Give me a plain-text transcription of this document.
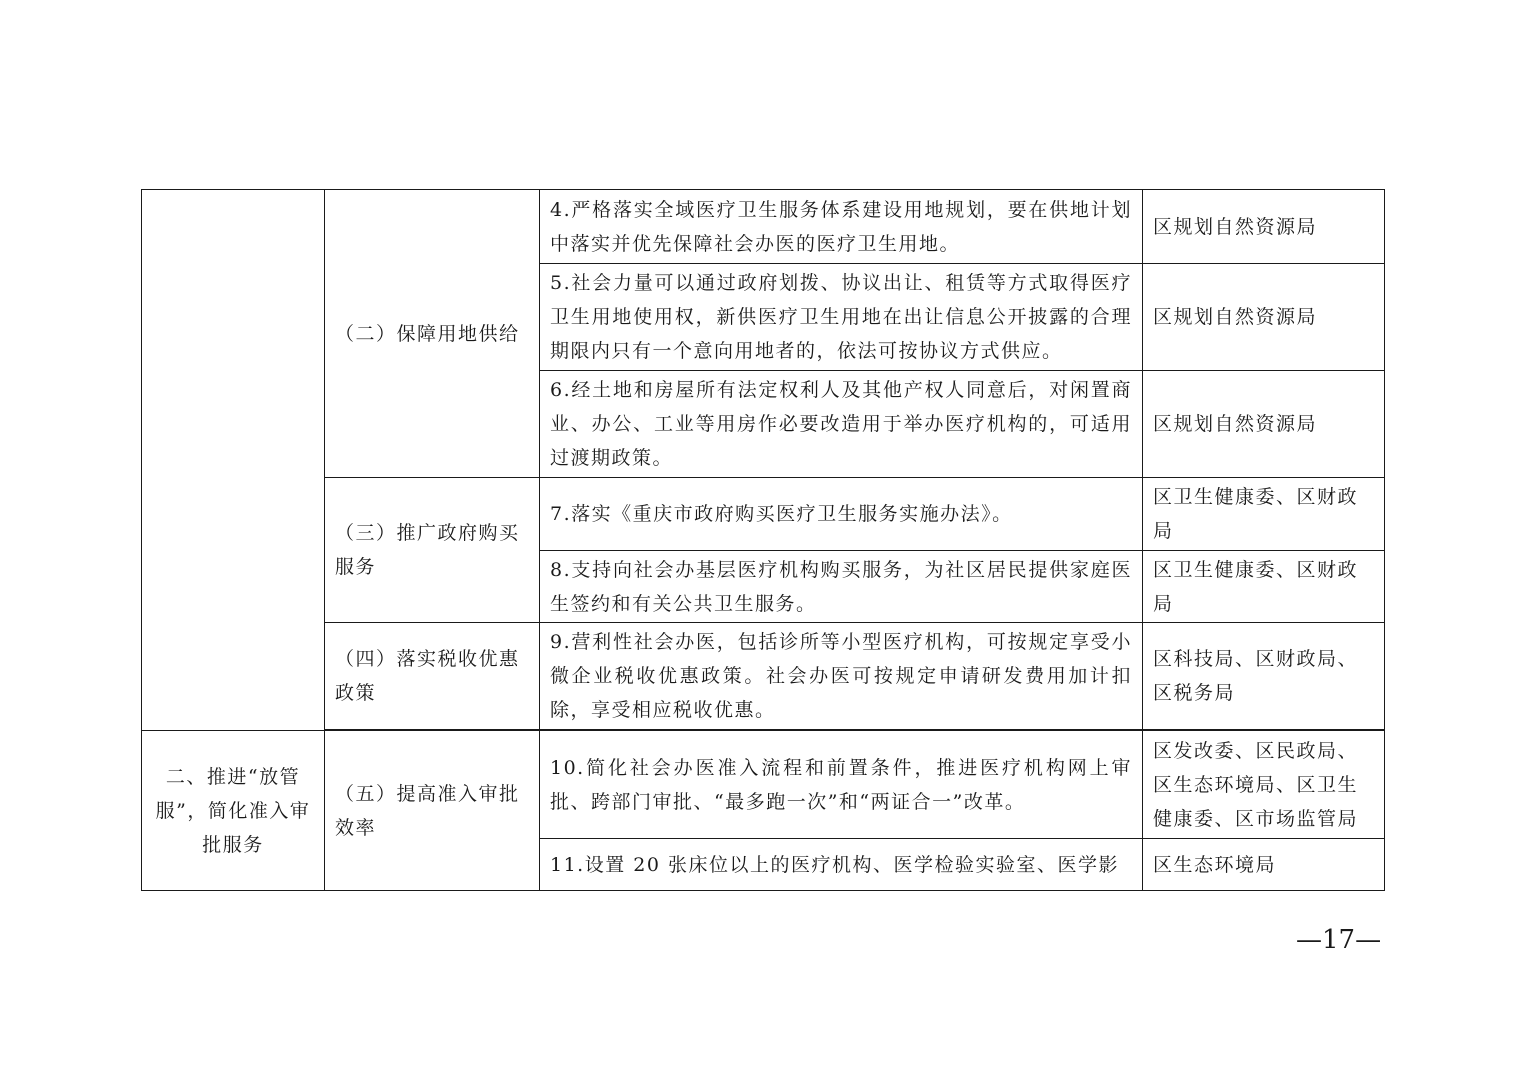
	（二）保障用地供给	4.严格落实全域医疗卫生服务体系建设用地规划，要在供地计划中落实并优先保障社会办医的医疗卫生用地。	区规划自然资源局
		5.社会力量可以通过政府划拨、协议出让、租赁等方式取得医疗卫生用地使用权，新供医疗卫生用地在出让信息公开披露的合理期限内只有一个意向用地者的，依法可按协议方式供应。	区规划自然资源局
		6.经土地和房屋所有法定权利人及其他产权人同意后，对闲置商业、办公、工业等用房作必要改造用于举办医疗机构的，可适用过渡期政策。	区规划自然资源局
	（三）推广政府购买服务	7.落实《重庆市政府购买医疗卫生服务实施办法》。	区卫生健康委、区财政局
		8.支持向社会办基层医疗机构购买服务，为社区居民提供家庭医生签约和有关公共卫生服务。	区卫生健康委、区财政局
	（四）落实税收优惠政策	9.营利性社会办医，包括诊所等小型医疗机构，可按规定享受小微企业税收优惠政策。社会办医可按规定申请研发费用加计扣除，享受相应税收优惠。	区科技局、区财政局、区税务局

二、推进“放管服”，简化准入审批服务	（五）提高准入审批效率	10.简化社会办医准入流程和前置条件，推进医疗机构网上审批、跨部门审批、“最多跑一次”和“两证合一”改革。	区发改委、区民政局、区生态环境局、区卫生健康委、区市场监管局
		11.设置 20 张床位以上的医疗机构、医学检验实验室、医学影	区生态环境局
—17—
